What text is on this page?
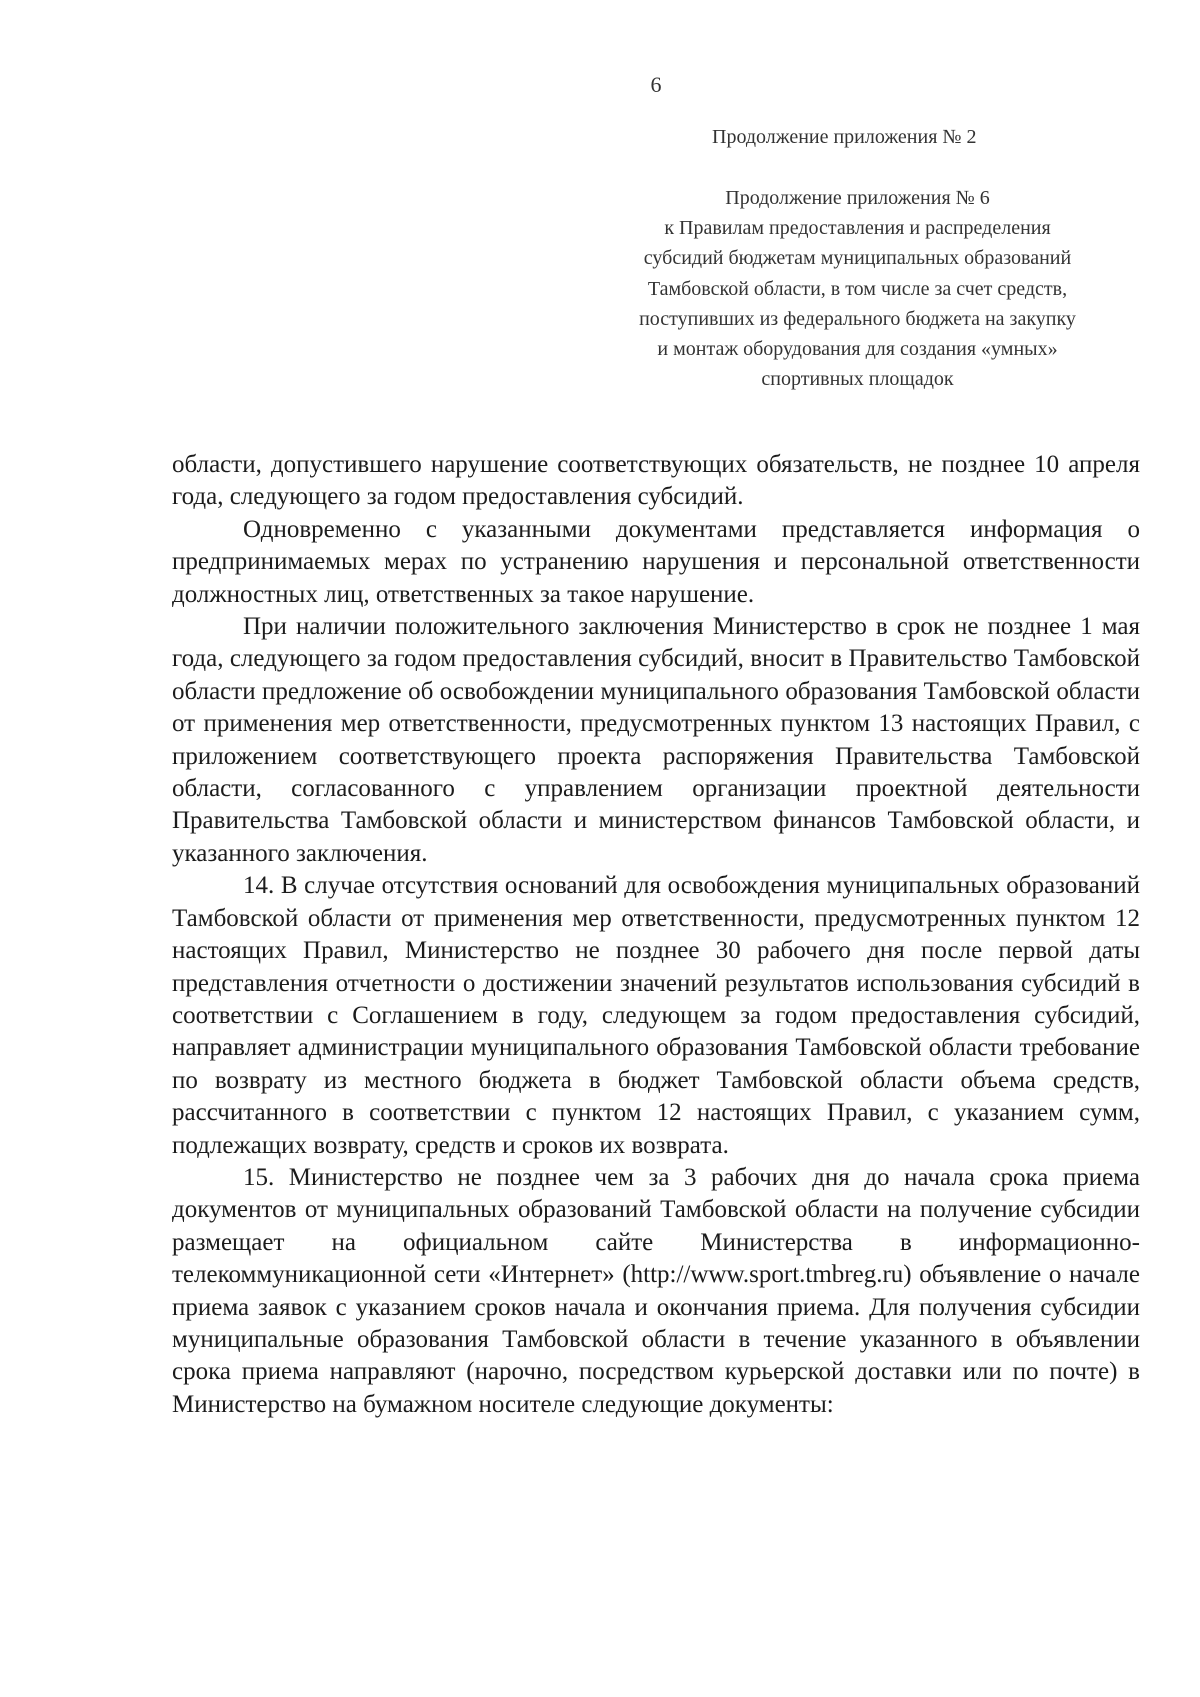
6
Продолжение приложения № 2
Продолжение приложения № 6
к Правилам предоставления и распределения
субсидий бюджетам муниципальных образований
Тамбовской области, в том числе за счет средств,
поступивших из федерального бюджета на закупку
и монтаж оборудования для создания «умных»
спортивных площадок

области, допустившего нарушение соответствующих обязательств, не позднее 10 апреля года, следующего за годом предоставления субсидий.

Одновременно с указанными документами представляется информация о предпринимаемых мерах по устранению нарушения и персональной ответственности должностных лиц, ответственных за такое нарушение.

При наличии положительного заключения Министерство в срок не позднее 1 мая года, следующего за годом предоставления субсидий, вносит в Правительство Тамбовской области предложение об освобождении муниципального образования Тамбовской области от применения мер ответственности, предусмотренных пунктом 13 настоящих Правил, с приложением соответствующего проекта распоряжения Правительства Тамбовской области, согласованного с управлением организации проектной деятельности Правительства Тамбовской области и министерством финансов Тамбовской области, и указанного заключения.

14. В случае отсутствия оснований для освобождения муниципальных образований Тамбовской области от применения мер ответственности, предусмотренных пунктом 12 настоящих Правил, Министерство не позднее 30 рабочего дня после первой даты представления отчетности о достижении значений результатов использования субсидий в соответствии с Соглашением в году, следующем за годом предоставления субсидий, направляет администрации муниципального образования Тамбовской области требование по возврату из местного бюджета в бюджет Тамбовской области объема средств, рассчитанного в соответствии с пунктом 12 настоящих Правил, с указанием сумм, подлежащих возврату, средств и сроков их возврата.

15. Министерство не позднее чем за 3 рабочих дня до начала срока приема документов от муниципальных образований Тамбовской области на получение субсидии размещает на официальном сайте Министерства в информационно-телекоммуникационной сети «Интернет» (http://www.sport.tmbreg.ru) объявление о начале приема заявок с указанием сроков начала и окончания приема. Для получения субсидии муниципальные образования Тамбовской области в течение указанного в объявлении срока приема направляют (нарочно, посредством курьерской доставки или по почте) в Министерство на бумажном носителе следующие документы:
